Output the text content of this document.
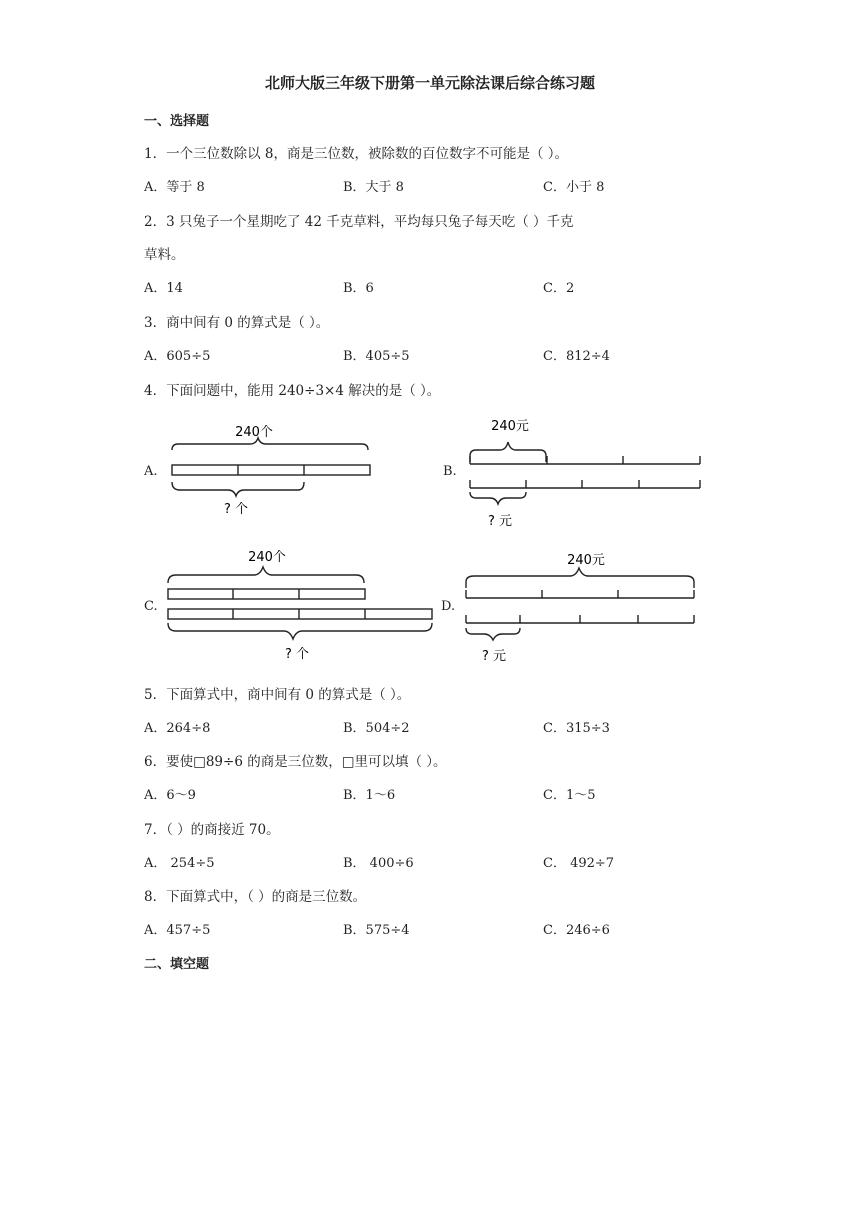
北师大版三年级下册第一单元除法课后综合练习题
一、选择题
1．一个三位数除以 8，商是三位数，被除数的百位数字不可能是（ ）。
A．等于 8	B．大于 8	C．小于 8
2．3 只兔子一个星期吃了 42 千克草料，平均每只兔子每天吃（ ）千克
草料。
A．14	B．6	C．2
3．商中间有 0 的算式是（ ）。
A．605÷5	B．405÷5	C．812÷4
4．下面问题中，能用 240÷3×4 解决的是（ ）。
A.	B.
C.	D.
240个
? 个
240元
? 元
240个
? 个
240元
? 元
5．下面算式中，商中间有 0 的算式是（ ）。
A．264÷8	B．504÷2	C．315÷3
6．要使□89÷6 的商是三位数，□里可以填（ ）。
A．6～9	B．1～6	C．1～5
7．（ ）的商接近 70。
A． 254÷5	B． 400÷6	C． 492÷7
8．下面算式中，（ ）的商是三位数。
A．457÷5	B．575÷4	C．246÷6
二、填空题
